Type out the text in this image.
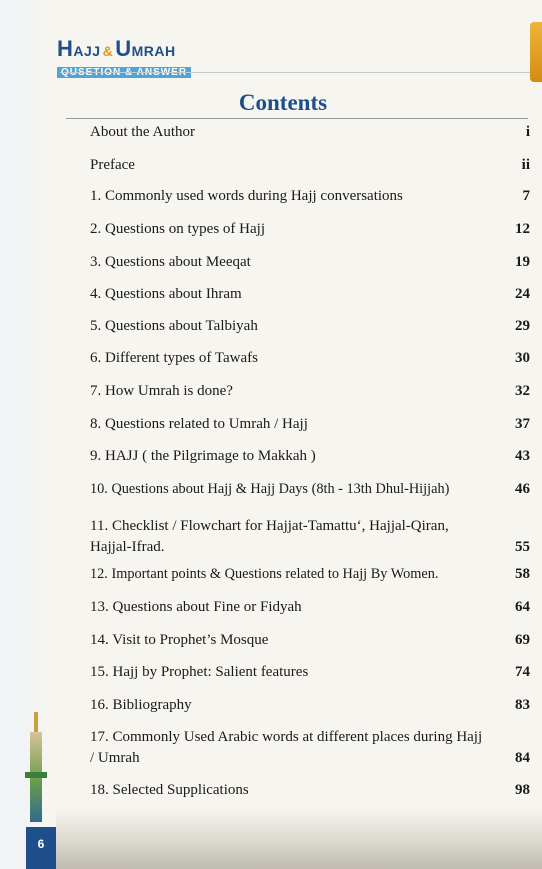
HAJJ &UMRAH
Contents
About the Author	i
Preface	ii
1. Commonly used words during Hajj conversations	7
2. Questions on types of Hajj	12
3. Questions about Meeqat	19
4. Questions about Ihram	24
5. Questions about Talbiyah	29
6. Different types of Tawafs	30
7. How Umrah is done?	32
8. Questions related to Umrah / Hajj	37
9. HAJJ ( the Pilgrimage to Makkah )	43
10. Questions about Hajj & Hajj Days (8th - 13th Dhul-Hijjah)	46
11. Checklist / Flowchart for Hajjat-Tamattu‘, Hajjal-Qiran, Hajjal-Ifrad.	55
12. Important points & Questions related to Hajj By Women.	58
13. Questions about Fine or Fidyah	64
14. Visit to Prophet’s Mosque	69
15. Hajj by Prophet: Salient features	74
16. Bibliography	83
17. Commonly Used Arabic words at different places during Hajj / Umrah	84
18. Selected Supplications	98
6
